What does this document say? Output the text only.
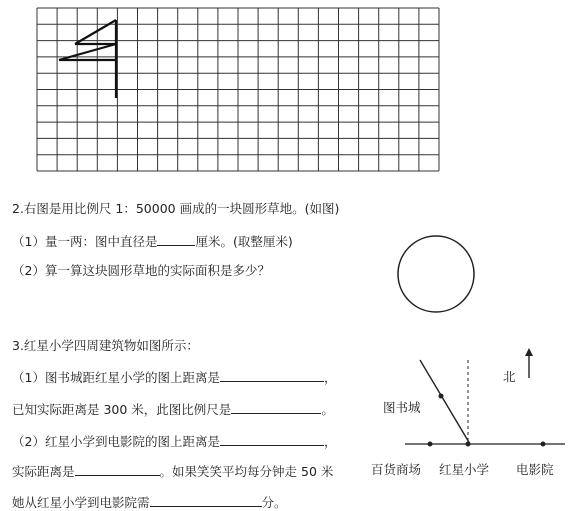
2.右图是用比例尺 1：50000 画成的一块圆形草地。(如图)
（1）量一两：图中直径是	厘米。(取整厘米)
（2）算一算这块圆形草地的实际面积是多少？
3.红星小学四周建筑物如图所示：
（1）图书城距红星小学的图上距离是	，
已知实际距离是 300 米，此图比例尺是	。
（2）红星小学到电影院的图上距离是	，
实际距离是	。如果笑笑平均每分钟走 50 米
她从红星小学到电影院需	分。
北
图书城
百货商场 红星小学 电影院
